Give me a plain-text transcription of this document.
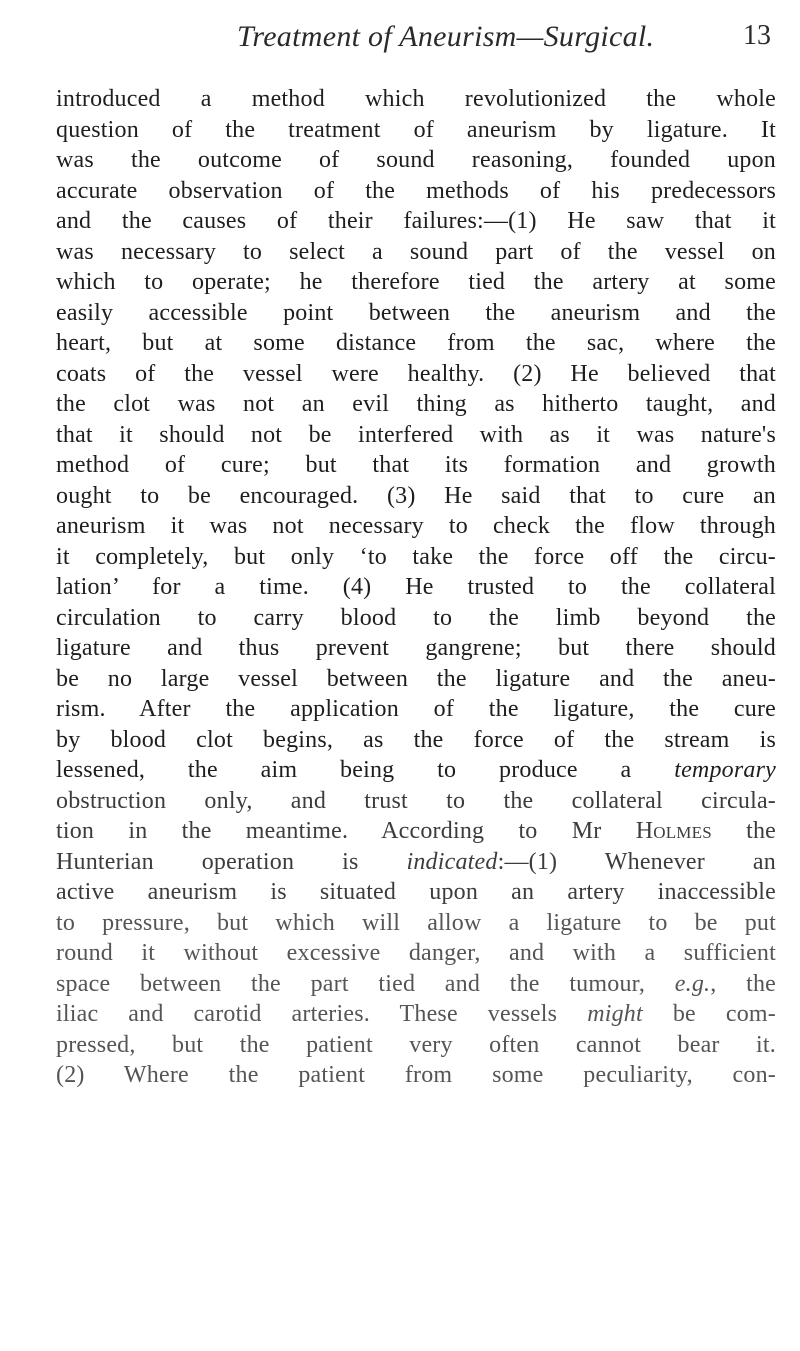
Treatment of Aneurism—Surgical.	13
introduced a method which revolutionized the whole
question of the treatment of aneurism by ligature. It
was the outcome of sound reasoning, founded upon
accurate observation of the methods of his predecessors
and the causes of their failures:—(1) He saw that it
was necessary to select a sound part of the vessel on
which to operate; he therefore tied the artery at some
easily accessible point between the aneurism and the
heart, but at some distance from the sac, where the
coats of the vessel were healthy. (2) He believed that
the clot was not an evil thing as hitherto taught, and
that it should not be interfered with as it was nature's
method of cure; but that its formation and growth
ought to be encouraged. (3) He said that to cure an
aneurism it was not necessary to check the flow through
it completely, but only ‘to take the force off the circu-
lation’ for a time. (4) He trusted to the collateral
circulation to carry blood to the limb beyond the
ligature and thus prevent gangrene; but there should
be no large vessel between the ligature and the aneu-
rism. After the application of the ligature, the cure
by blood clot begins, as the force of the stream is
lessened, the aim being to produce a temporary
obstruction only, and trust to the collateral circula-
tion in the meantime. According to Mr Holmes the
Hunterian operation is indicated:—(1) Whenever an
active aneurism is situated upon an artery inaccessible
to pressure, but which will allow a ligature to be put
round it without excessive danger, and with a sufficient
space between the part tied and the tumour, e.g., the
iliac and carotid arteries. These vessels might be com-
pressed, but the patient very often cannot bear it.
(2) Where the patient from some peculiarity, con-
